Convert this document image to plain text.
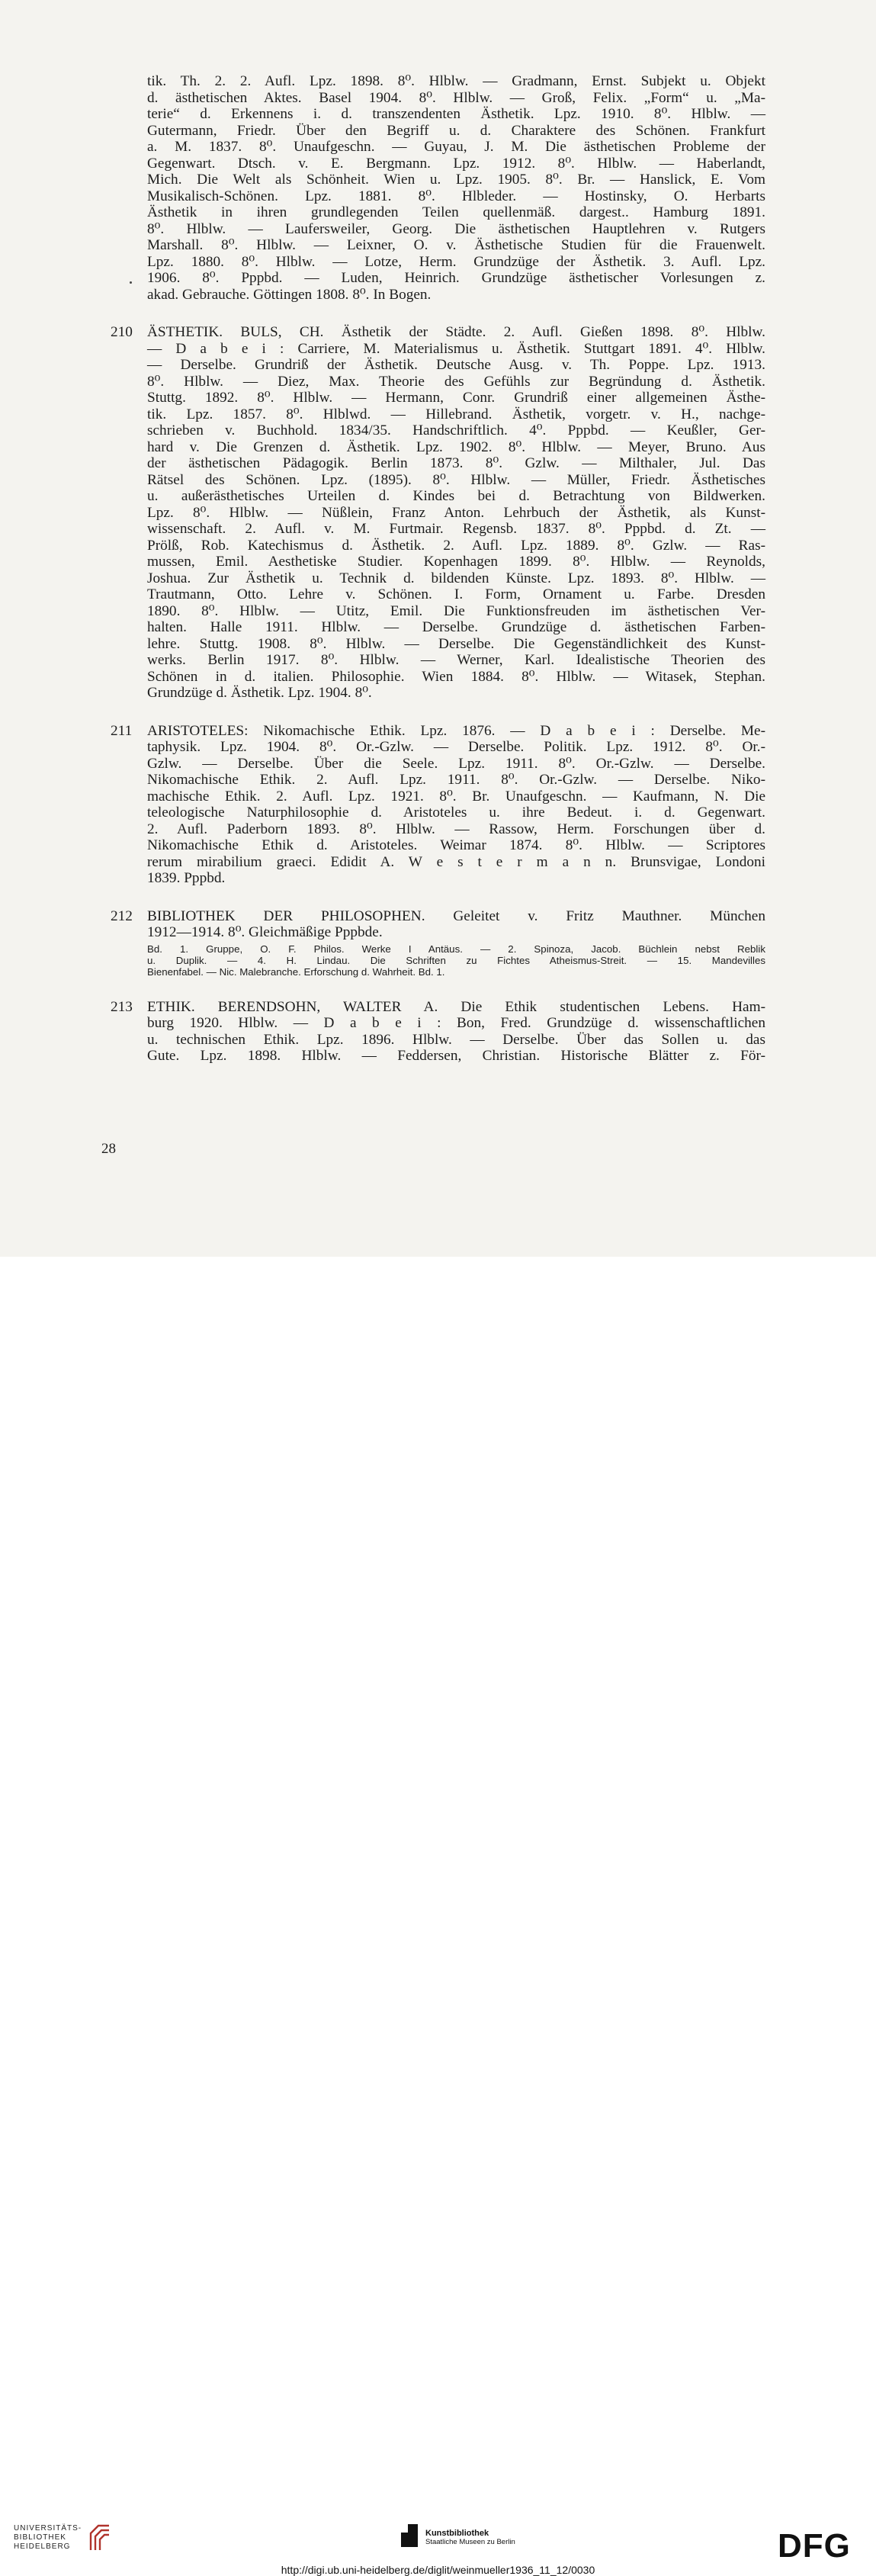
tik. Th. 2. 2. Aufl. Lpz. 1898. 8⁰. Hlblw. — Gradmann, Ernst. Subjekt u. Objekt
d. ästhetischen Aktes. Basel 1904. 8⁰. Hlblw. — Groß, Felix. „Form“ u. „Ma-
terie“ d. Erkennens i. d. transzendenten Ästhetik. Lpz. 1910. 8⁰. Hlblw. —
Gutermann, Friedr. Über den Begriff u. d. Charaktere des Schönen. Frankfurt
a. M. 1837. 8⁰. Unaufgeschn. — Guyau, J. M. Die ästhetischen Probleme der
Gegenwart. Dtsch. v. E. Bergmann. Lpz. 1912. 8⁰. Hlblw. — Haberlandt,
Mich. Die Welt als Schönheit. Wien u. Lpz. 1905. 8⁰. Br. — Hanslick, E. Vom
Musikalisch-Schönen. Lpz. 1881. 8⁰. Hlbleder. — Hostinsky, O. Herbarts
Ästhetik in ihren grundlegenden Teilen quellenmäß. dargest.. Hamburg 1891.
8⁰. Hlblw. — Laufersweiler, Georg. Die ästhetischen Hauptlehren v. Rutgers
Marshall. 8⁰. Hlblw. — Leixner, O. v. Ästhetische Studien für die Frauenwelt.
Lpz. 1880. 8⁰. Hlblw. — Lotze, Herm. Grundzüge der Ästhetik. 3. Aufl. Lpz.
1906. 8⁰. Pppbd. — Luden, Heinrich. Grundzüge ästhetischer Vorlesungen z.
akad. Gebrauche. Göttingen 1808. 8⁰. In Bogen.
210 ÄSTHETIK. BULS, CH. Ästhetik der Städte. 2. Aufl. Gießen 1898. 8⁰. Hlblw.
— D a b e i : Carriere, M. Materialismus u. Ästhetik. Stuttgart 1891. 4⁰. Hlblw.
— Derselbe. Grundriß der Ästhetik. Deutsche Ausg. v. Th. Poppe. Lpz. 1913.
8⁰. Hlblw. — Diez, Max. Theorie des Gefühls zur Begründung d. Ästhetik.
Stuttg. 1892. 8⁰. Hlblw. — Hermann, Conr. Grundriß einer allgemeinen Ästhe-
tik. Lpz. 1857. 8⁰. Hlblwd. — Hillebrand. Ästhetik, vorgetr. v. H., nachge-
schrieben v. Buchhold. 1834/35. Handschriftlich. 4⁰. Pppbd. — Keußler, Ger-
hard v. Die Grenzen d. Ästhetik. Lpz. 1902. 8⁰. Hlblw. — Meyer, Bruno. Aus
der ästhetischen Pädagogik. Berlin 1873. 8⁰. Gzlw. — Milthaler, Jul. Das
Rätsel des Schönen. Lpz. (1895). 8⁰. Hlblw. — Müller, Friedr. Ästhetisches
u. außerästhetisches Urteilen d. Kindes bei d. Betrachtung von Bildwerken.
Lpz. 8⁰. Hlblw. — Nüßlein, Franz Anton. Lehrbuch der Ästhetik, als Kunst-
wissenschaft. 2. Aufl. v. M. Furtmair. Regensb. 1837. 8⁰. Pppbd. d. Zt. —
Prölß, Rob. Katechismus d. Ästhetik. 2. Aufl. Lpz. 1889. 8⁰. Gzlw. — Ras-
mussen, Emil. Aesthetiske Studier. Kopenhagen 1899. 8⁰. Hlblw. — Reynolds,
Joshua. Zur Ästhetik u. Technik d. bildenden Künste. Lpz. 1893. 8⁰. Hlblw. —
Trautmann, Otto. Lehre v. Schönen. I. Form, Ornament u. Farbe. Dresden
1890. 8⁰. Hlblw. — Utitz, Emil. Die Funktionsfreuden im ästhetischen Ver-
halten. Halle 1911. Hlblw. — Derselbe. Grundzüge d. ästhetischen Farben-
lehre. Stuttg. 1908. 8⁰. Hlblw. — Derselbe. Die Gegenständlichkeit des Kunst-
werks. Berlin 1917. 8⁰. Hlblw. — Werner, Karl. Idealistische Theorien des
Schönen in d. italien. Philosophie. Wien 1884. 8⁰. Hlblw. — Witasek, Stephan.
Grundzüge d. Ästhetik. Lpz. 1904. 8⁰.
211 ARISTOTELES: Nikomachische Ethik. Lpz. 1876. — D a b e i : Derselbe. Me-
taphysik. Lpz. 1904. 8⁰. Or.-Gzlw. — Derselbe. Politik. Lpz. 1912. 8⁰. Or.-
Gzlw. — Derselbe. Über die Seele. Lpz. 1911. 8⁰. Or.-Gzlw. — Derselbe.
Nikomachische Ethik. 2. Aufl. Lpz. 1911. 8⁰. Or.-Gzlw. — Derselbe. Niko-
machische Ethik. 2. Aufl. Lpz. 1921. 8⁰. Br. Unaufgeschn. — Kaufmann, N. Die
teleologische Naturphilosophie d. Aristoteles u. ihre Bedeut. i. d. Gegenwart.
2. Aufl. Paderborn 1893. 8⁰. Hlblw. — Rassow, Herm. Forschungen über d.
Nikomachische Ethik d. Aristoteles. Weimar 1874. 8⁰. Hlblw. — Scriptores
rerum mirabilium graeci. Edidit A. W e s t e r m a n n. Brunsvigae, Londoni
1839. Pppbd.
212 BIBLIOTHEK DER PHILOSOPHEN. Geleitet v. Fritz Mauthner. München
1912—1914. 8⁰. Gleichmäßige Pppbde.
Bd. 1. Gruppe, O. F. Philos. Werke I Antäus. — 2. Spinoza, Jacob. Büchlein nebst Reblik
u. Duplik. — 4. H. Lindau. Die Schriften zu Fichtes Atheismus-Streit. — 15. Mandevilles
Bienenfabel. — Nic. Malebranche. Erforschung d. Wahrheit. Bd. 1.
213 ETHIK. BERENDSOHN, WALTER A. Die Ethik studentischen Lebens. Ham-
burg 1920. Hlblw. — D a b e i : Bon, Fred. Grundzüge d. wissenschaftlichen
u. technischen Ethik. Lpz. 1896. Hlblw. — Derselbe. Über das Sollen u. das
Gute. Lpz. 1898. Hlblw. — Feddersen, Christian. Historische Blätter z. För-
28
UNIVERSITÄTS-
BIBLIOTHEK
HEIDELBERG
Kunstbibliothek
Staatliche Museen zu Berlin	DFG
http://digi.ub.uni-heidelberg.de/diglit/weinmueller1936_11_12/0030
